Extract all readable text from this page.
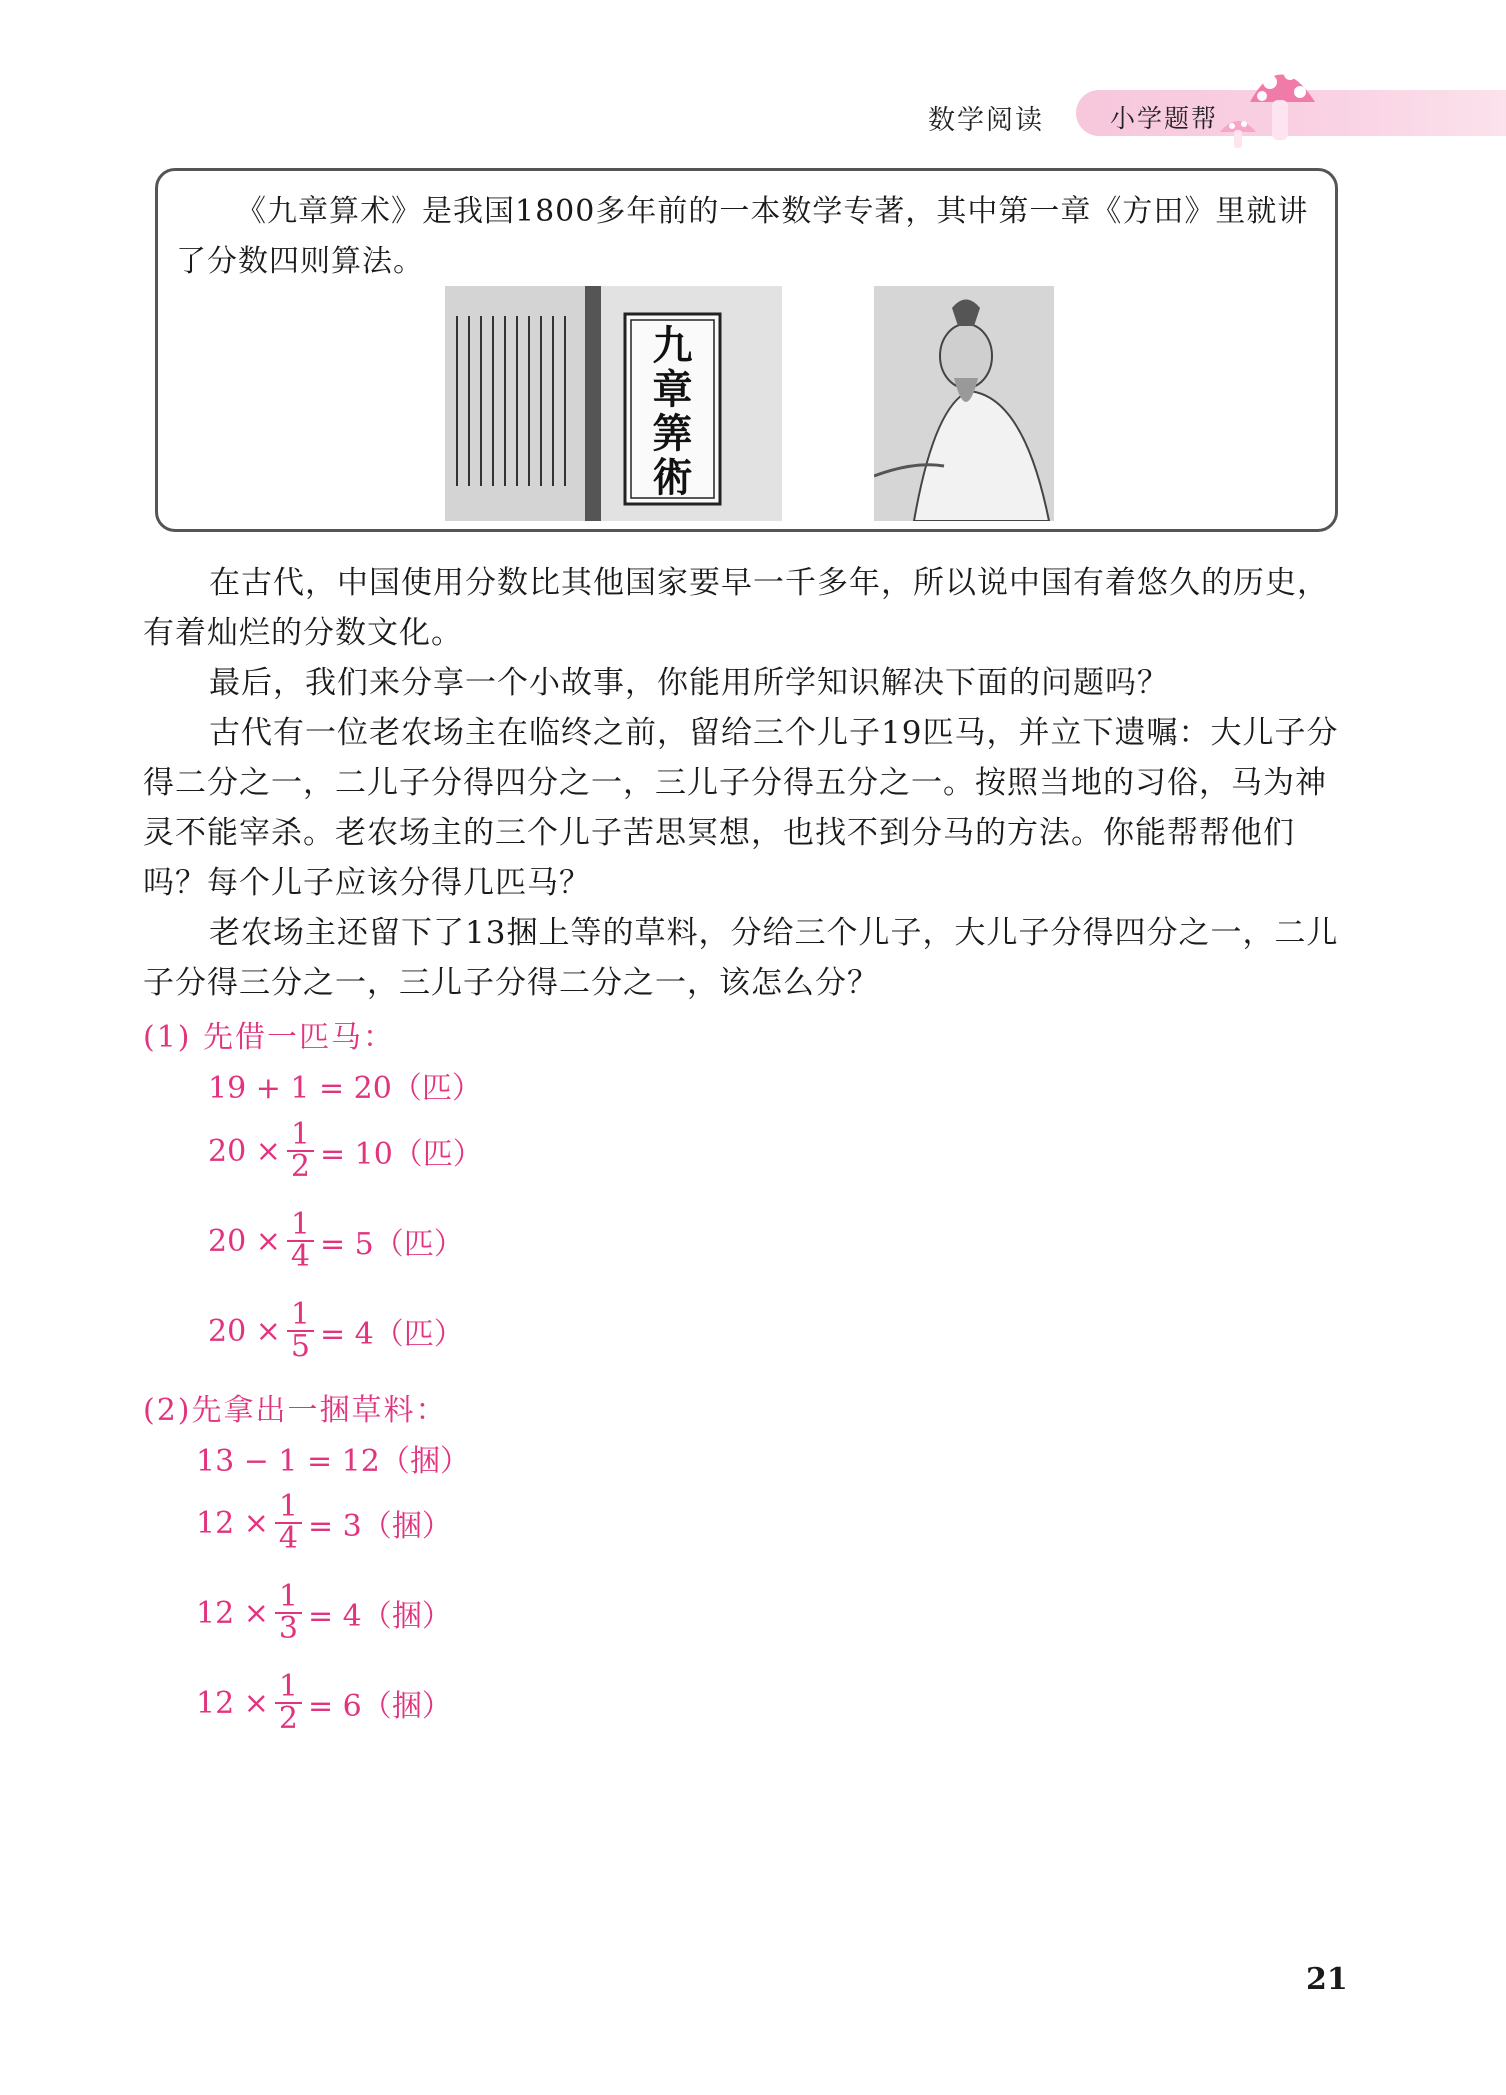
数学阅读	小学题帮

《九章算术》是我国1800多年前的一本数学专著，其中第一章《方田》里就讲了分数四则算法。

九
章
筭
術

在古代，中国使用分数比其他国家要早一千多年，所以说中国有着悠久的历史，有着灿烂的分数文化。

最后，我们来分享一个小故事，你能用所学知识解决下面的问题吗？

古代有一位老农场主在临终之前，留给三个儿子19匹马，并立下遗嘱：大儿子分得二分之一，二儿子分得四分之一，三儿子分得五分之一。按照当地的习俗，马为神灵不能宰杀。老农场主的三个儿子苦思冥想，也找不到分马的方法。你能帮帮他们吗？每个儿子应该分得几匹马？

老农场主还留下了13捆上等的草料，分给三个儿子，大儿子分得四分之一，二儿子分得三分之一，三儿子分得二分之一，该怎么分？

(1) 先借一匹马：
19 + 1 = 20（匹）
$20 \times \frac{1}{2} = 10$（匹）
$20 \times \frac{1}{4} = 5$（匹）
$20 \times \frac{1}{5} = 4$（匹）
(2)先拿出一捆草料：
13 − 1 = 12（捆）
$12 \times \frac{1}{4} = 3$（捆）
$12 \times \frac{1}{3} = 4$（捆）
$12 \times \frac{1}{2} = 6$（捆）
21
